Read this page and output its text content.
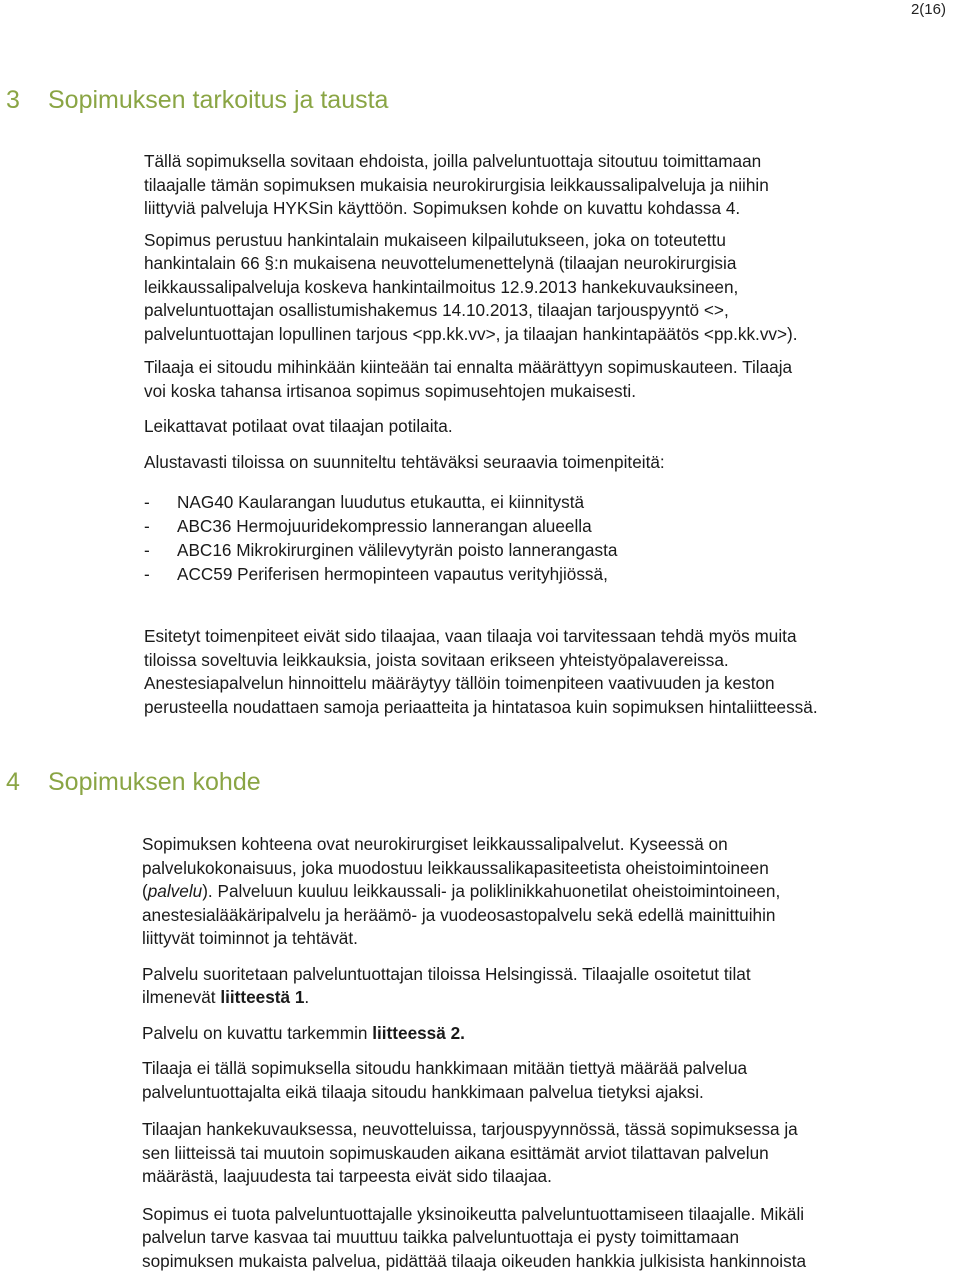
2(16)
3 Sopimuksen tarkoitus ja tausta

Tällä sopimuksella sovitaan ehdoista, joilla palveluntuottaja sitoutuu toimittamaan

tilaajalle tämän sopimuksen mukaisia neurokirurgisia leikkaussalipalveluja ja niihin

liittyviä palveluja HYKSin käyttöön. Sopimuksen kohde on kuvattu kohdassa 4.

Sopimus perustuu hankintalain mukaiseen kilpailutukseen, joka on toteutettu

hankintalain 66 §:n mukaisena neuvottelumenettelynä (tilaajan neurokirurgisia

leikkaussalipalveluja koskeva hankintailmoitus 12.9.2013 hankekuvauksineen,

palveluntuottajan osallistumishakemus 14.10.2013, tilaajan tarjouspyyntö <>,

palveluntuottajan lopullinen tarjous <pp.kk.vv>, ja tilaajan hankintapäätös <pp.kk.vv>).

Tilaaja ei sitoudu mihinkään kiinteään tai ennalta määrättyyn sopimuskauteen. Tilaaja

voi koska tahansa irtisanoa sopimus sopimusehtojen mukaisesti.

Leikattavat potilaat ovat tilaajan potilaita.

Alustavasti tiloissa on suunniteltu tehtäväksi seuraavia toimenpiteitä:

-	NAG40 Kaularangan luudutus etukautta, ei kiinnitystä
-	ABC36 Hermojuuridekompressio lannerangan alueella
-	ABC16 Mikrokirurginen välilevytyrän poisto lannerangasta
-	ACC59 Periferisen hermopinteen vapautus verityhjiössä,

Esitetyt toimenpiteet eivät sido tilaajaa, vaan tilaaja voi tarvitessaan tehdä myös muita

tiloissa soveltuvia leikkauksia, joista sovitaan erikseen yhteistyöpalavereissa.

Anestesiapalvelun hinnoittelu määräytyy tällöin toimenpiteen vaativuuden ja keston

perusteella noudattaen samoja periaatteita ja hintatasoa kuin sopimuksen hintaliitteessä.

4 Sopimuksen kohde

Sopimuksen kohteena ovat neurokirurgiset leikkaussalipalvelut. Kyseessä on

palvelukokonaisuus, joka muodostuu leikkaussalikapasiteetista oheistoimintoineen

(palvelu). Palveluun kuuluu leikkaussali- ja poliklinikkahuonetilat oheistoimintoineen,

anestesialääkäripalvelu ja heräämö- ja vuodeosastopalvelu sekä edellä mainittuihin

liittyvät toiminnot ja tehtävät.

Palvelu suoritetaan palveluntuottajan tiloissa Helsingissä. Tilaajalle osoitetut tilat

ilmenevät liitteestä 1.

Palvelu on kuvattu tarkemmin liitteessä 2.

Tilaaja ei tällä sopimuksella sitoudu hankkimaan mitään tiettyä määrää palvelua

palveluntuottajalta eikä tilaaja sitoudu hankkimaan palvelua tietyksi ajaksi.

Tilaajan hankekuvauksessa, neuvotteluissa, tarjouspyynnössä, tässä sopimuksessa ja

sen liitteissä tai muutoin sopimuskauden aikana esittämät arviot tilattavan palvelun

määrästä, laajuudesta tai tarpeesta eivät sido tilaajaa.

Sopimus ei tuota palveluntuottajalle yksinoikeutta palveluntuottamiseen tilaajalle. Mikäli

palvelun tarve kasvaa tai muuttuu taikka palveluntuottaja ei pysty toimittamaan

sopimuksen mukaista palvelua, pidättää tilaaja oikeuden hankkia julkisista hankinnoista
